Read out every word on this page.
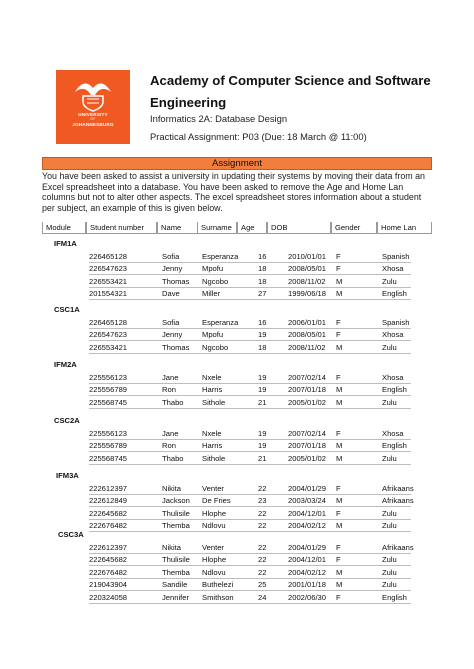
UNIVERSITY
OF
JOHANNESBURG
Academy of Computer Science and Software Engineering
Informatics 2A: Database Design
Practical Assignment: P03 (Due: 18 March @ 11:00)
Assignment
You have been asked to assist a university in updating their systems by moving their data from an Excel spreadsheet into a database. You have been asked to remove the Age and Home Lan columns but not to alter other aspects. The excel spreadsheet stores information about a student per subject, an example of this is given below.
Module	Student number	Name	Surname	Age	DOB	Gender	Home Lan
IFM1A
226465128	Sofia	Esperanza	16	2010/01/01 F	Spanish
226547623	Jenny	Mpofu	18	2008/05/01 F	Xhosa
226553421	Thomas Ngcobo	18	2008/11/02 M	Zulu
201554321	Dave	Miller	27	1999/06/18 M	English
CSC1A
226465128	Sofia	Esperanza	16	2006/01/01 F	Spanish
226547623	Jenny	Mpofu	19	2008/05/01 F	Xhosa
226553421	Thomas Ngcobo	18	2008/11/02 M	Zulu
IFM2A
225556123	Jane	Nxele	19	2007/02/14 F	Xhosa
225556789	Ron	Harris	19	2007/01/18 M	English
225568745	Thabo Sithole	21	2005/01/02 M	Zulu
CSC2A
225556123	Jane	Nxele	19	2007/02/14 F	Xhosa
225556789	Ron	Harris	19	2007/01/18 M	English
225568745	Thabo Sithole	21	2005/01/02 M	Zulu
IFM3A
222612397	Nikita	Venter	22	2004/01/29 F	Afrikaans
222612849	Jackson De Fries	23	2003/03/24 M	Afrikaans
222645682	Thulisile Hlophe	22	2004/12/01 F	Zulu
222676482	Themba Ndlovu	22	2004/02/12 M	Zulu
CSC3A
222612397	Nikita	Venter	22	2004/01/29 F	Afrikaans
222645682	Thulisile Hlophe	22	2004/12/01 F	Zulu
222676482	Themba Ndlovu	22	2004/02/12 M	Zulu
219043904	Sandile Buthelezi	25	2001/01/18 M	Zulu
220324058	Jennifer Smithson	24	2002/06/30 F	English
